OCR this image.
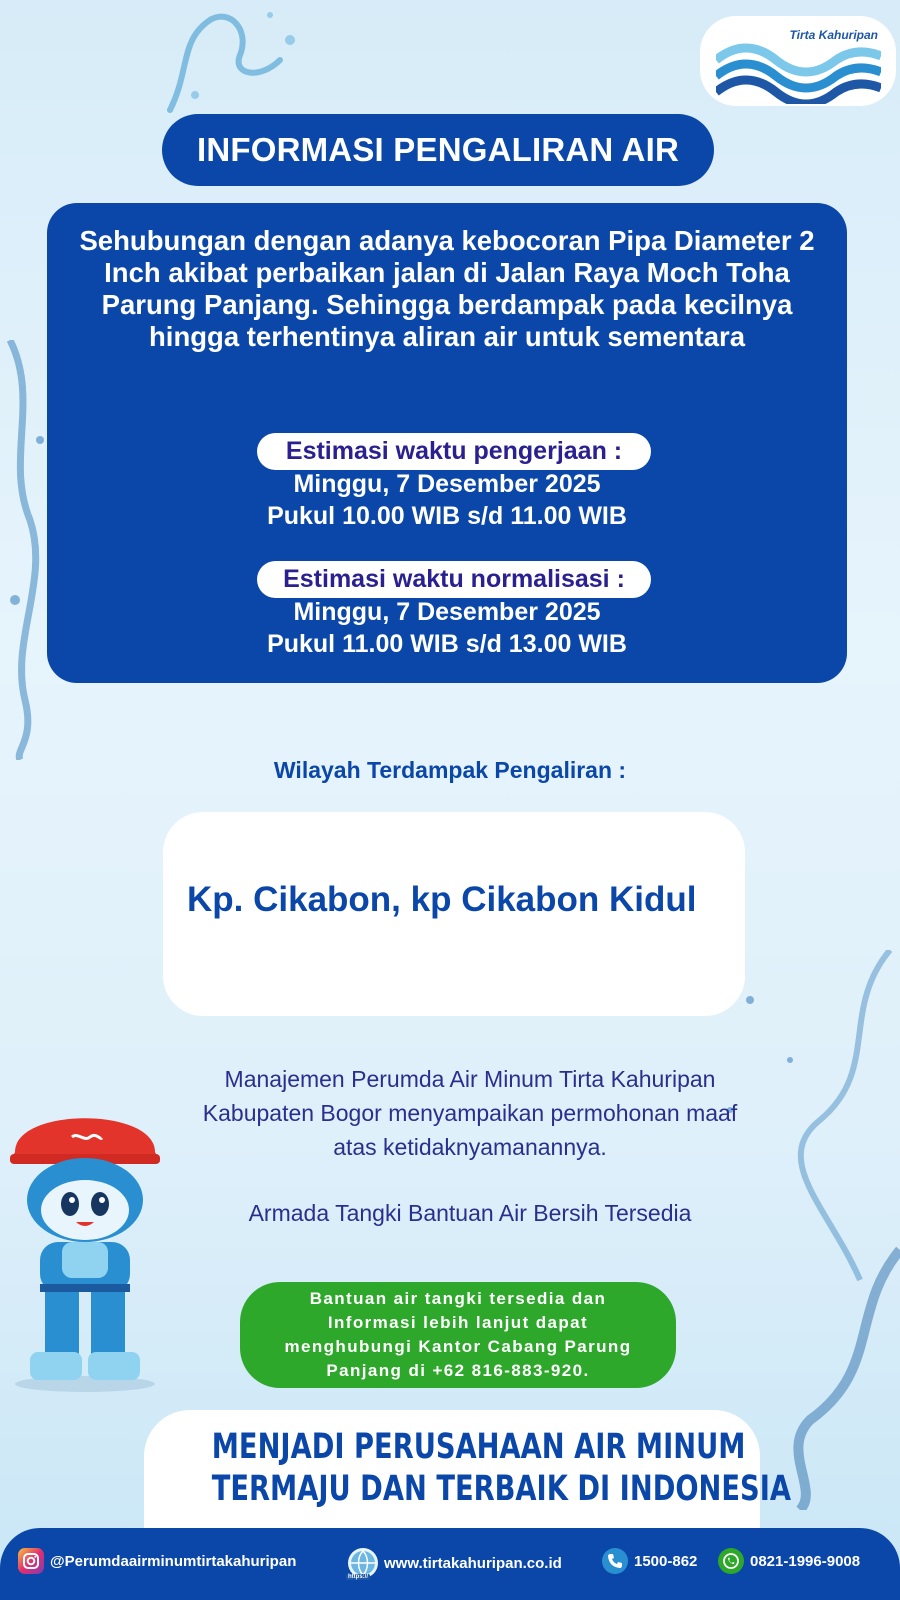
Tirta Kahuripan
INFORMASI PENGALIRAN AIR
Sehubungan dengan adanya kebocoran Pipa Diameter 2 Inch akibat perbaikan jalan di Jalan Raya Moch Toha Parung Panjang. Sehingga berdampak pada kecilnya hingga terhentinya aliran air untuk sementara
Estimasi waktu pengerjaan :
Minggu, 7 Desember 2025
Pukul 10.00 WIB s/d 11.00 WIB
Estimasi waktu normalisasi :
Minggu, 7 Desember 2025
Pukul 11.00 WIB s/d 13.00 WIB
Wilayah Terdampak Pengaliran :
Kp. Cikabon, kp Cikabon Kidul
Manajemen Perumda Air Minum Tirta Kahuripan
Kabupaten Bogor menyampaikan permohonan maaf
atas ketidaknyamanannya.
Armada Tangki Bantuan Air Bersih Tersedia
Bantuan air tangki tersedia dan
Informasi lebih lanjut dapat
menghubungi Kantor Cabang Parung
Panjang di +62 816-883-920.
MENJADI PERUSAHAAN AIR MINUM
TERMAJU DAN TERBAIK DI INDONESIA
@Perumdaairminumtirtakahuripan
https://
www.tirtakahuripan.co.id	1500-862	0821-1996-9008
